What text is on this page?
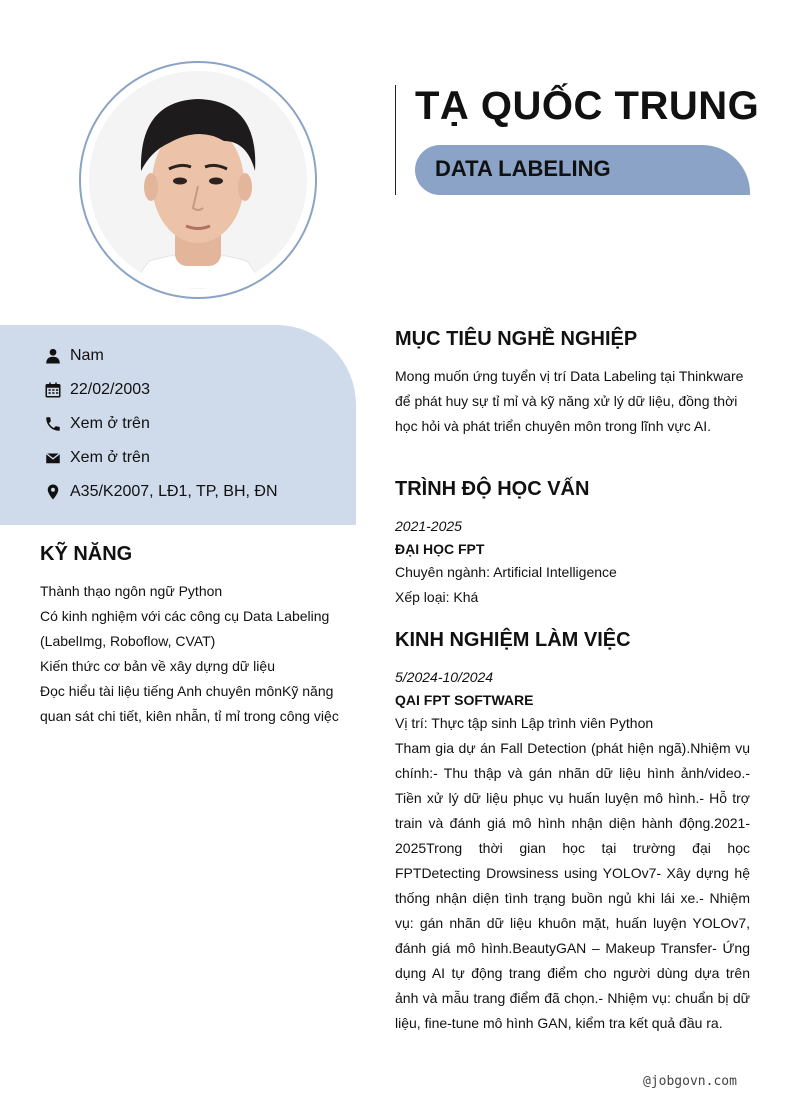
TẠ QUỐC TRUNG
DATA LABELING
Nam
22/02/2003
Xem ở trên
Xem ở trên
A35/K2007, LĐ1, TP, BH, ĐN
KỸ NĂNG
Thành thạo ngôn ngữ Python
Có kinh nghiệm với các công cụ Data Labeling
(LabelImg, Roboflow, CVAT)
Kiến thức cơ bản về xây dựng dữ liệu
Đọc hiểu tài liệu tiếng Anh chuyên mônKỹ năng
quan sát chi tiết, kiên nhẫn, tỉ mỉ trong công việc
MỤC TIÊU NGHỀ NGHIỆP
Mong muốn ứng tuyển vị trí Data Labeling tại Thinkware để phát huy sự tỉ mỉ và kỹ năng xử lý dữ liệu, đồng thời học hỏi và phát triển chuyên môn trong lĩnh vực AI.
TRÌNH ĐỘ HỌC VẤN
2021-2025
ĐẠI HỌC FPT
Chuyên ngành: Artificial Intelligence
Xếp loại: Khá
KINH NGHIỆM LÀM VIỆC
5/2024-10/2024
QAI FPT SOFTWARE
Vị trí: Thực tập sinh Lập trình viên Python
Tham gia dự án Fall Detection (phát hiện ngã).Nhiệm vụ chính:- Thu thập và gán nhãn dữ liệu hình ảnh/video.- Tiền xử lý dữ liệu phục vụ huấn luyện mô hình.- Hỗ trợ train và đánh giá mô hình nhận diện hành động.2021-2025Trong thời gian học tại trường đại học FPTDetecting Drowsiness using YOLOv7- Xây dựng hệ thống nhận diện tình trạng buồn ngủ khi lái xe.- Nhiệm vụ: gán nhãn dữ liệu khuôn mặt, huấn luyện YOLOv7, đánh giá mô hình.BeautyGAN – Makeup Transfer- Ứng dụng AI tự động trang điểm cho người dùng dựa trên ảnh và mẫu trang điểm đã chọn.- Nhiệm vụ: chuẩn bị dữ liệu, fine-tune mô hình GAN, kiểm tra kết quả đầu ra.
@jobgovn.com
